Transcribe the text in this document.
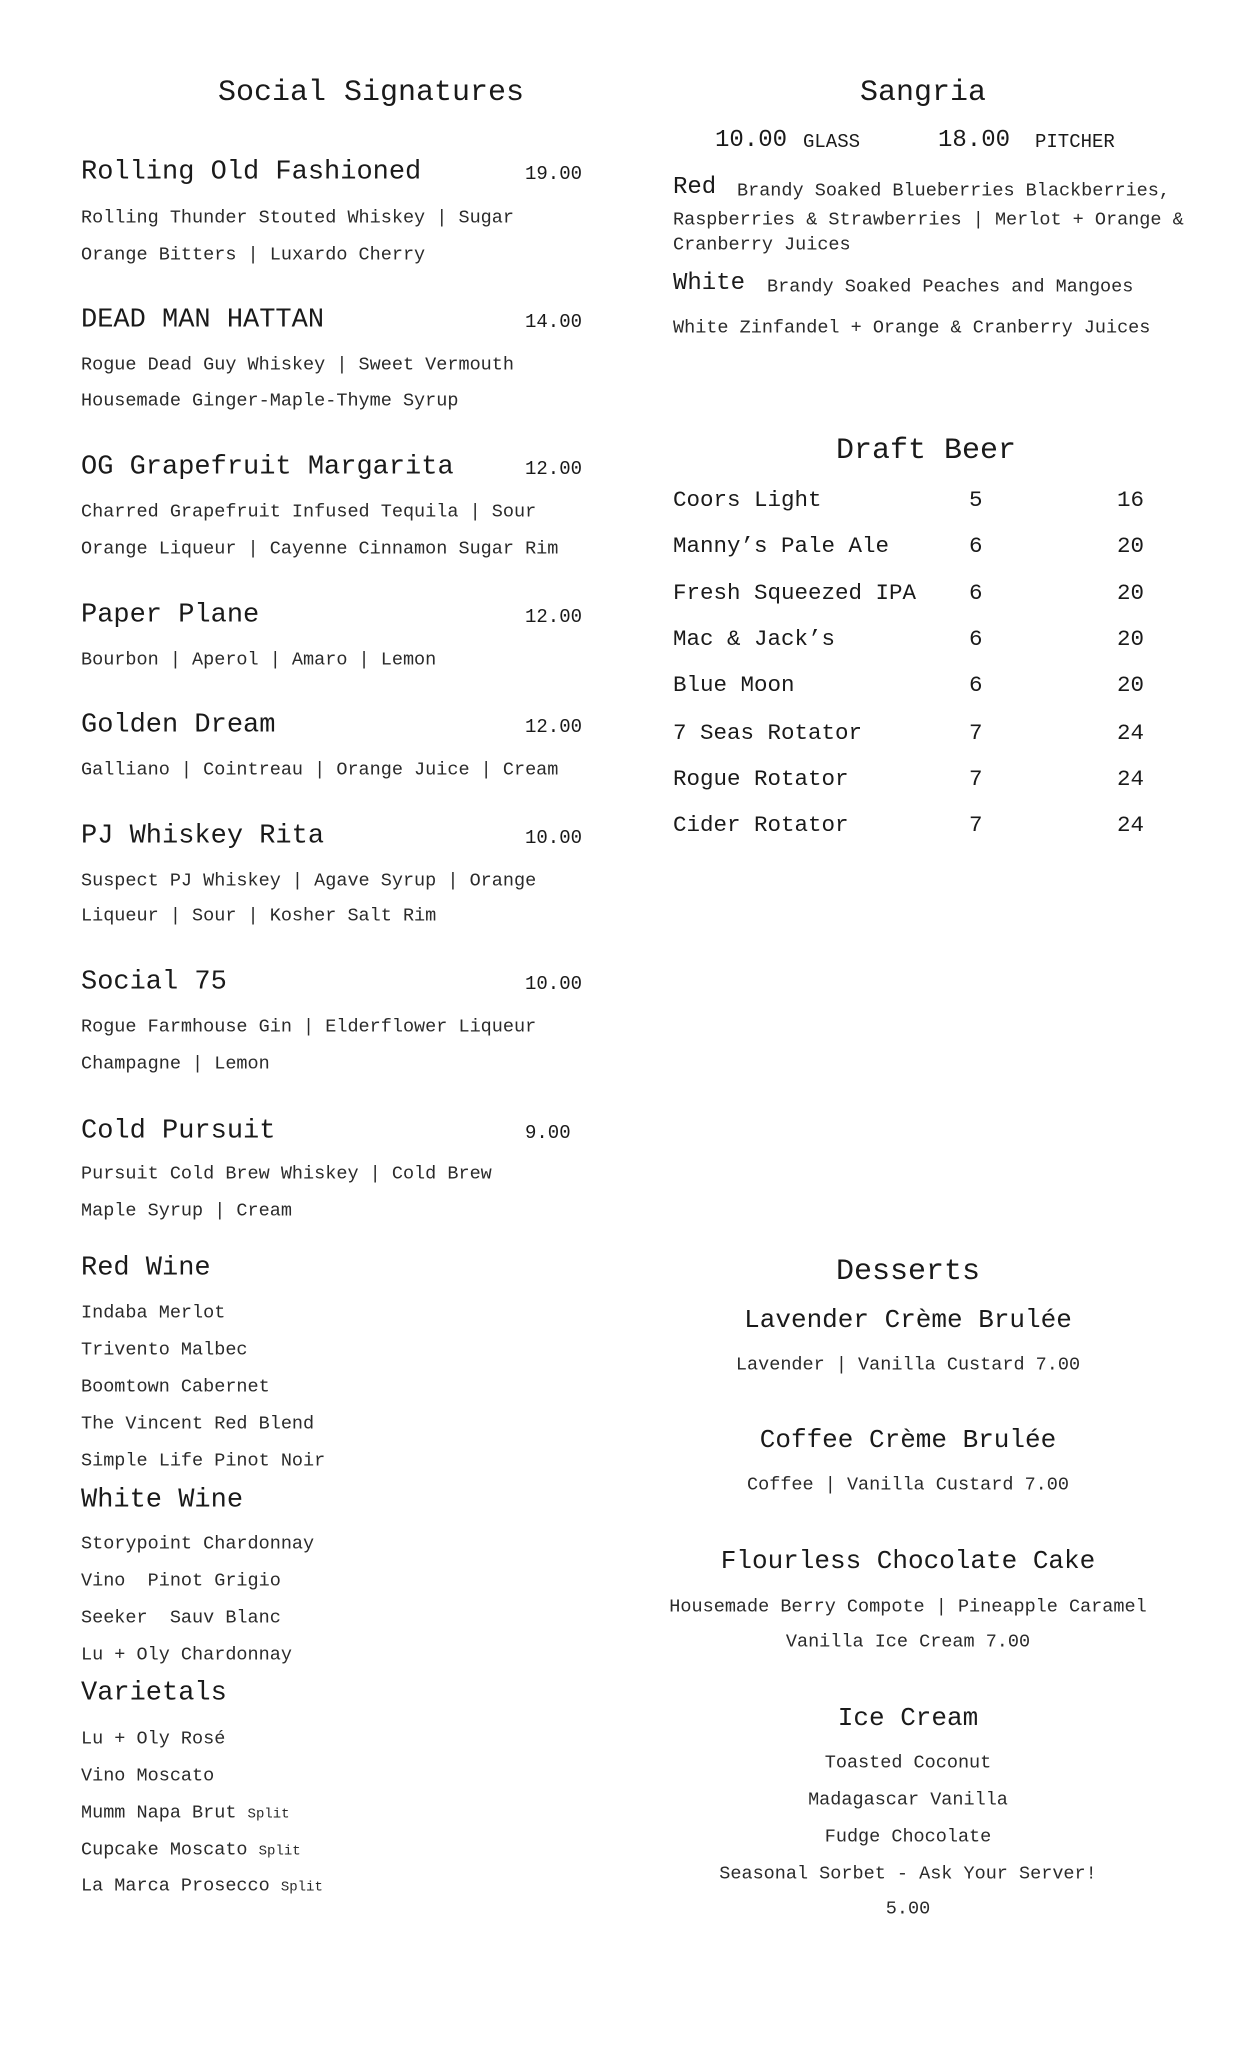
Social Signatures
Rolling Old Fashioned	19.00
Rolling Thunder Stouted Whiskey | Sugar
Orange Bitters | Luxardo Cherry
DEAD MAN HATTAN	14.00
Rogue Dead Guy Whiskey | Sweet Vermouth
Housemade Ginger-Maple-Thyme Syrup
OG Grapefruit Margarita	12.00
Charred Grapefruit Infused Tequila | Sour
Orange Liqueur | Cayenne Cinnamon Sugar Rim
Paper Plane	12.00
Bourbon | Aperol | Amaro | Lemon
Golden Dream	12.00
Galliano | Cointreau | Orange Juice | Cream
PJ Whiskey Rita	10.00
Suspect PJ Whiskey | Agave Syrup | Orange
Liqueur | Sour | Kosher Salt Rim
Social 75	10.00
Rogue Farmhouse Gin | Elderflower Liqueur
Champagne | Lemon
Cold Pursuit	9.00
Pursuit Cold Brew Whiskey | Cold Brew
Maple Syrup | Cream
Red Wine
Indaba Merlot
Trivento Malbec
Boomtown Cabernet
The Vincent Red Blend
Simple Life Pinot Noir
White Wine
Storypoint Chardonnay
Vino  Pinot Grigio
Seeker  Sauv Blanc
Lu + Oly Chardonnay
Varietals
Lu + Oly Rosé
Vino Moscato
Mumm Napa Brut Split
Cupcake Moscato Split
La Marca Prosecco Split
Sangria
10.00 GLASS	18.00 PITCHER
Red Brandy Soaked Blueberries Blackberries,
Raspberries & Strawberries | Merlot + Orange &
Cranberry Juices
White Brandy Soaked Peaches and Mangoes
White Zinfandel + Orange & Cranberry Juices
Draft Beer
Coors Light	5	16
Manny’s Pale Ale	6	20
Fresh Squeezed IPA 6	20
Mac & Jack’s	6	20
Blue Moon	6	20
7 Seas Rotator	7	24
Rogue Rotator	7	24
Cider Rotator	7	24
Desserts
Lavender Crème Brulée
Lavender | Vanilla Custard 7.00
Coffee Crème Brulée
Coffee | Vanilla Custard 7.00
Flourless Chocolate Cake
Housemade Berry Compote | Pineapple Caramel
Vanilla Ice Cream 7.00
Ice Cream
Toasted Coconut
Madagascar Vanilla
Fudge Chocolate
Seasonal Sorbet - Ask Your Server!
5.00
